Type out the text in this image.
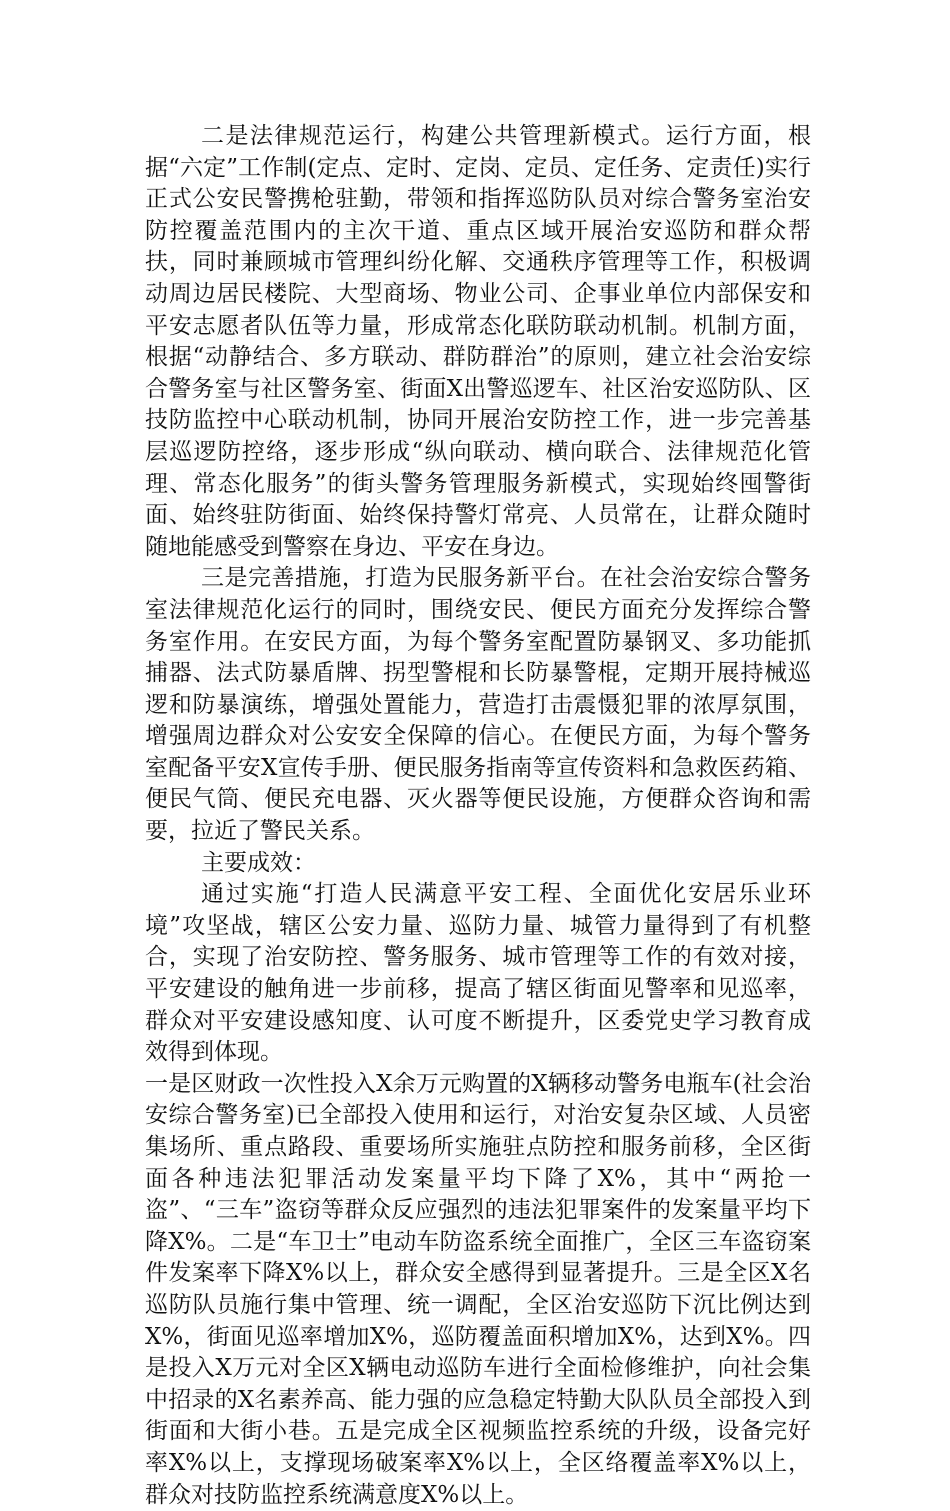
二是法律规范运行，构建公共管理新模式。运行方面，根据“六定”工作制(定点、定时、定岗、定员、定任务、定责任)实行正式公安民警携枪驻勤，带领和指挥巡防队员对综合警务室治安防控覆盖范围内的主次干道、重点区域开展治安巡防和群众帮扶，同时兼顾城市管理纠纷化解、交通秩序管理等工作，积极调动周边居民楼院、大型商场、物业公司、企事业单位内部保安和平安志愿者队伍等力量，形成常态化联防联动机制。机制方面，根据“动静结合、多方联动、群防群治”的原则，建立社会治安综合警务室与社区警务室、街面X出警巡逻车、社区治安巡防队、区技防监控中心联动机制，协同开展治安防控工作，进一步完善基层巡逻防控络，逐步形成“纵向联动、横向联合、法律规范化管理、常态化服务”的街头警务管理服务新模式，实现始终囤警街面、始终驻防街面、始终保持警灯常亮、人员常在，让群众随时随地能感受到警察在身边、平安在身边。

三是完善措施，打造为民服务新平台。在社会治安综合警务室法律规范化运行的同时，围绕安民、便民方面充分发挥综合警务室作用。在安民方面，为每个警务室配置防暴钢叉、多功能抓捕器、法式防暴盾牌、拐型警棍和长防暴警棍，定期开展持械巡逻和防暴演练，增强处置能力，营造打击震慑犯罪的浓厚氛围，增强周边群众对公安安全保障的信心。在便民方面，为每个警务室配备平安X宣传手册、便民服务指南等宣传资料和急救医药箱、便民气筒、便民充电器、灭火器等便民设施，方便群众咨询和需要，拉近了警民关系。

主要成效：

通过实施“打造人民满意平安工程、全面优化安居乐业环境”攻坚战，辖区公安力量、巡防力量、城管力量得到了有机整合，实现了治安防控、警务服务、城市管理等工作的有效对接，平安建设的触角进一步前移，提高了辖区街面见警率和见巡率，群众对平安建设感知度、认可度不断提升，区委党史学习教育成效得到体现。

一是区财政一次性投入X余万元购置的X辆移动警务电瓶车(社会治安综合警务室)已全部投入使用和运行，对治安复杂区域、人员密集场所、重点路段、重要场所实施驻点防控和服务前移，全区街面各种违法犯罪活动发案量平均下降了X%，其中“两抢一盗”、“三车”盗窃等群众反应强烈的违法犯罪案件的发案量平均下降X%。二是“车卫士”电动车防盗系统全面推广，全区三车盗窃案件发案率下降X%以上，群众安全感得到显著提升。三是全区X名巡防队员施行集中管理、统一调配，全区治安巡防下沉比例达到X%，街面见巡率增加X%，巡防覆盖面积增加X%，达到X%。四是投入X万元对全区X辆电动巡防车进行全面检修维护，向社会集中招录的X名素养高、能力强的应急稳定特勤大队队员全部投入到街面和大街小巷。五是完成全区视频监控系统的升级，设备完好率X%以上，支撑现场破案率X%以上，全区络覆盖率X%以上，群众对技防监控系统满意度X%以上。
